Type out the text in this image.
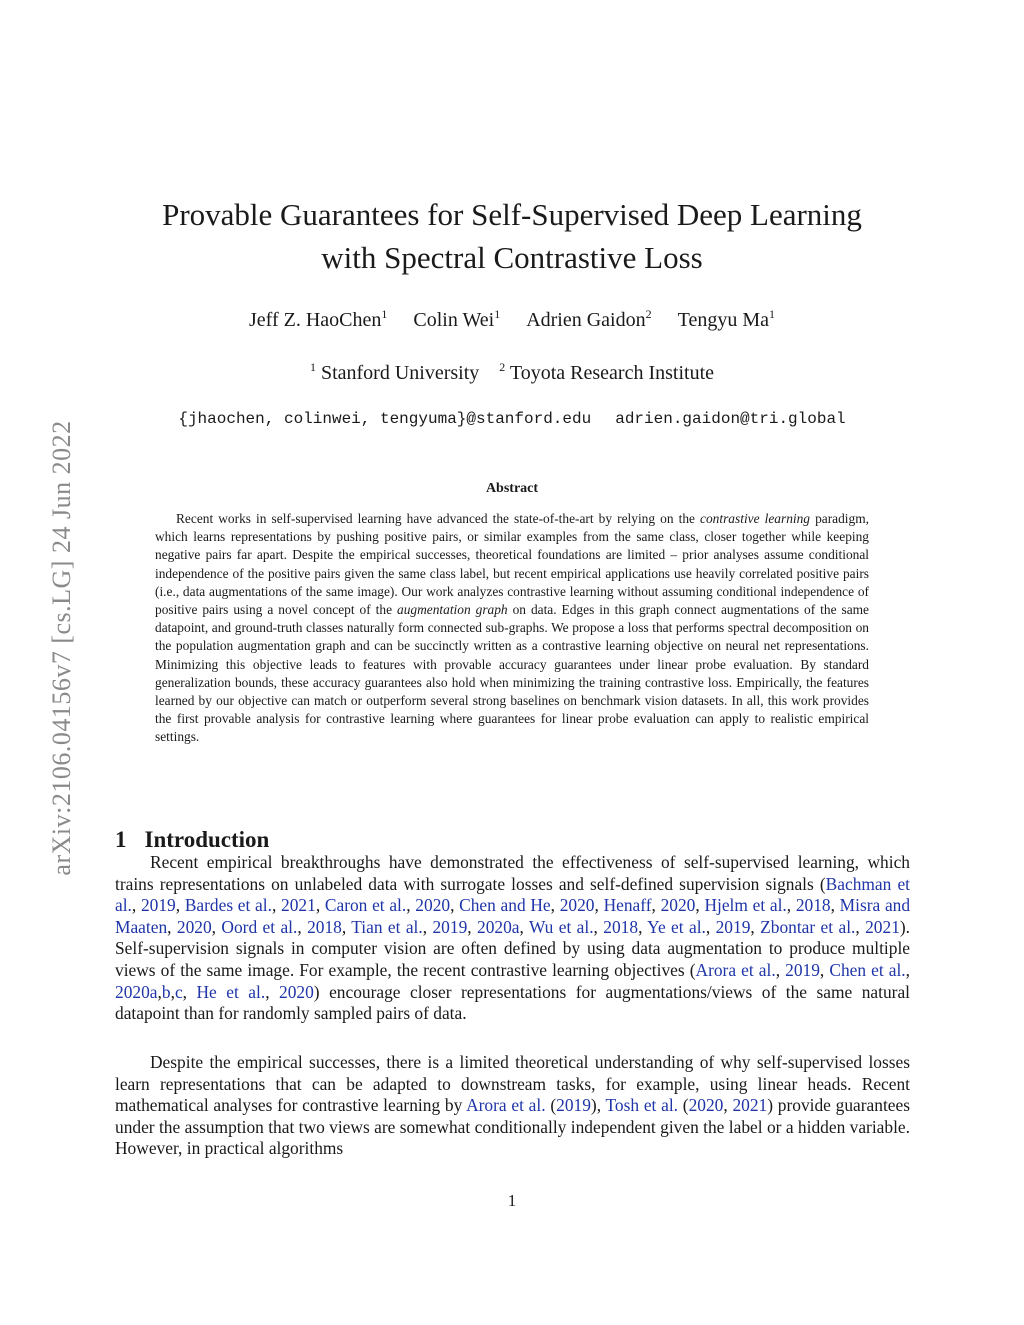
arXiv:2106.04156v7 [cs.LG] 24 Jun 2022
Provable Guarantees for Self-Supervised Deep Learning
with Spectral Contrastive Loss
Jeff Z. HaoChen$^1$ Colin Wei$^1$ Adrien Gaidon$^2$ Tengyu Ma$^1$
$^1$ Stanford University $^2$ Toyota Research Institute
{jhaochen, colinwei, tengyuma}@stanford.edu adrien.gaidon@tri.global
Abstract

Recent works in self-supervised learning have advanced the state-of-the-art by relying on the contrastive learning paradigm, which learns representations by pushing positive pairs, or similar examples from the same class, closer together while keeping negative pairs far apart. Despite the empirical successes, theoretical foundations are limited – prior analyses assume conditional independence of the positive pairs given the same class label, but recent empirical applications use heavily correlated positive pairs (i.e., data augmentations of the same image). Our work analyzes contrastive learning without assuming conditional independence of positive pairs using a novel concept of the augmentation graph on data. Edges in this graph connect augmentations of the same datapoint, and ground-truth classes naturally form connected sub-graphs. We propose a loss that performs spectral decomposition on the population augmentation graph and can be succinctly written as a contrastive learning objective on neural net representations. Minimizing this objective leads to features with provable accuracy guarantees under linear probe evaluation. By standard generalization bounds, these accuracy guarantees also hold when minimizing the training contrastive loss. Empirically, the features learned by our objective can match or outperform several strong baselines on benchmark vision datasets. In all, this work provides the first provable analysis for contrastive learning where guarantees for linear probe evaluation can apply to realistic empirical settings.

1 Introduction

Recent empirical breakthroughs have demonstrated the effectiveness of self-supervised learning, which trains representations on unlabeled data with surrogate losses and self-defined supervision signals (Bachman et al., 2019, Bardes et al., 2021, Caron et al., 2020, Chen and He, 2020, Henaff, 2020, Hjelm et al., 2018, Misra and Maaten, 2020, Oord et al., 2018, Tian et al., 2019, 2020a, Wu et al., 2018, Ye et al., 2019, Zbontar et al., 2021). Self-supervision signals in computer vision are often defined by using data augmentation to produce multiple views of the same image. For example, the recent contrastive learning objectives (Arora et al., 2019, Chen et al., 2020a,b,c, He et al., 2020) encourage closer representations for augmentations/views of the same natural datapoint than for randomly sampled pairs of data.

Despite the empirical successes, there is a limited theoretical understanding of why self-supervised losses learn representations that can be adapted to downstream tasks, for example, using linear heads. Recent mathematical analyses for contrastive learning by Arora et al. (2019), Tosh et al. (2020, 2021) provide guarantees under the assumption that two views are somewhat conditionally independent given the label or a hidden variable. However, in practical algorithms

1
